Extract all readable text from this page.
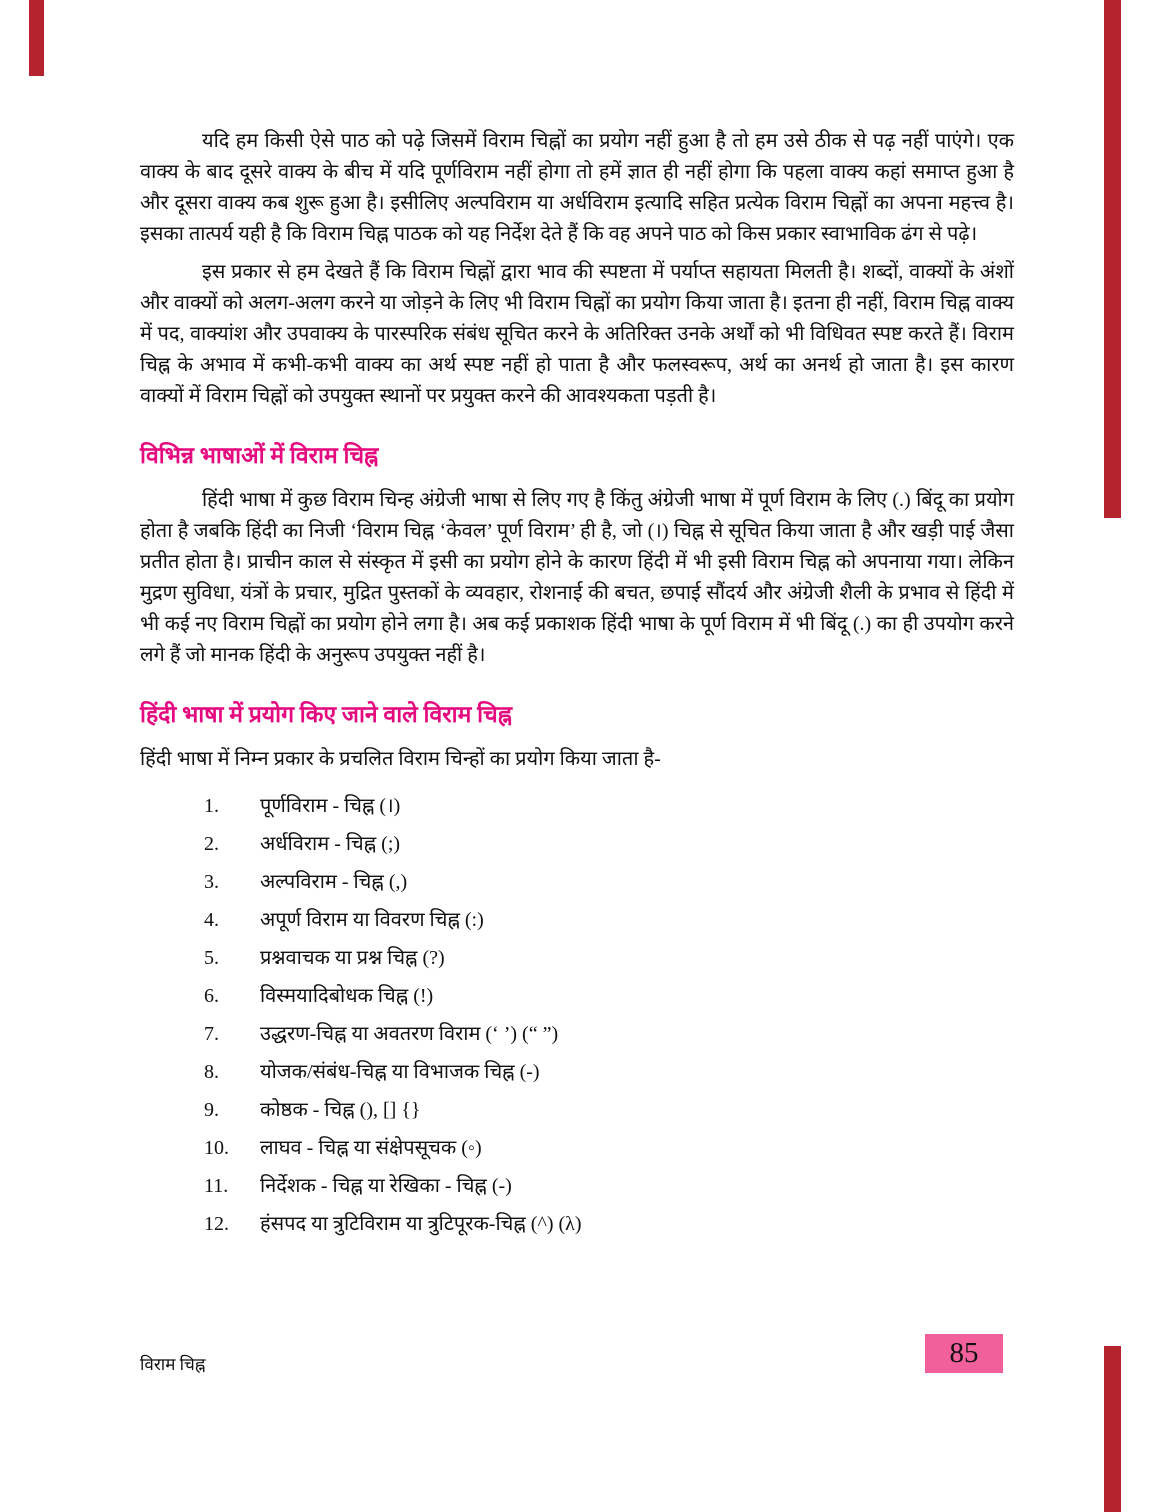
यदि हम किसी ऐसे पाठ को पढ़े जिसमें विराम चिह्नों का प्रयोग नहीं हुआ है तो हम उसे ठीक से पढ़ नहीं पाएंगे। एक वाक्य के बाद दूसरे वाक्य के बीच में यदि पूर्णविराम नहीं होगा तो हमें ज्ञात ही नहीं होगा कि पहला वाक्य कहां समाप्त हुआ है और दूसरा वाक्य कब शुरू हुआ है। इसीलिए अल्पविराम या अर्धविराम इत्यादि सहित प्रत्येक विराम चिह्नों का अपना महत्त्व है। इसका तात्पर्य यही है कि विराम चिह्न पाठक को यह निर्देश देते हैं कि वह अपने पाठ को किस प्रकार स्वाभाविक ढंग से पढ़े।

इस प्रकार से हम देखते हैं कि विराम चिह्नों द्वारा भाव की स्पष्टता में पर्याप्त सहायता मिलती है। शब्दों, वाक्यों के अंशों और वाक्यों को अलग-अलग करने या जोड़ने के लिए भी विराम चिह्नों का प्रयोग किया जाता है। इतना ही नहीं, विराम चिह्न वाक्य में पद, वाक्यांश और उपवाक्य के पारस्परिक संबंध सूचित करने के अतिरिक्त उनके अर्थों को भी विधिवत स्पष्ट करते हैं। विराम चिह्न के अभाव में कभी-कभी वाक्य का अर्थ स्पष्ट नहीं हो पाता है और फलस्वरूप, अर्थ का अनर्थ हो जाता है। इस कारण वाक्यों में विराम चिह्नों को उपयुक्त स्थानों पर प्रयुक्त करने की आवश्यकता पड़ती है।

विभिन्न भाषाओं में विराम चिह्न

हिंदी भाषा में कुछ विराम चिन्ह अंग्रेजी भाषा से लिए गए है किंतु अंग्रेजी भाषा में पूर्ण विराम के लिए (.) बिंदू का प्रयोग होता है जबकि हिंदी का निजी ‘विराम चिह्न ‘केवल’ पूर्ण विराम’ ही है, जो (।) चिह्न से सूचित किया जाता है और खड़ी पाई जैसा प्रतीत होता है। प्राचीन काल से संस्कृत में इसी का प्रयोग होने के कारण हिंदी में भी इसी विराम चिह्न को अपनाया गया। लेकिन मुद्रण सुविधा, यंत्रों के प्रचार, मुद्रित पुस्तकों के व्यवहार, रोशनाई की बचत, छपाई सौंदर्य और अंग्रेजी शैली के प्रभाव से हिंदी में भी कई नए विराम चिह्नों का प्रयोग होने लगा है। अब कई प्रकाशक हिंदी भाषा के पूर्ण विराम में भी बिंदू (.) का ही उपयोग करने लगे हैं जो मानक हिंदी के अनुरूप उपयुक्त नहीं है।

हिंदी भाषा में प्रयोग किए जाने वाले विराम चिह्न

हिंदी भाषा में निम्न प्रकार के प्रचलित विराम चिन्हों का प्रयोग किया जाता है-

1.	पूर्णविराम - चिह्न (।)
2.	अर्धविराम - चिह्न (;)
3.	अल्पविराम - चिह्न (,)
4.	अपूर्ण विराम या विवरण चिह्न (:)
5.	प्रश्नवाचक या प्रश्न चिह्न (?)
6.	विस्मयादिबोधक चिह्न (!)
7.	उद्धरण-चिह्न या अवतरण विराम (‘ ’) (“ ”)
8.	योजक/संबंध-चिह्न या विभाजक चिह्न (-)
9.	कोष्ठक - चिह्न (), [] {}
10.	लाघव - चिह्न या संक्षेपसूचक (◦)
11.	निर्देशक - चिह्न या रेखिका - चिह्न (-)
12.	हंसपद या त्रुटिविराम या त्रुटिपूरक-चिह्न (^) (λ)
विराम चिह्न	85
